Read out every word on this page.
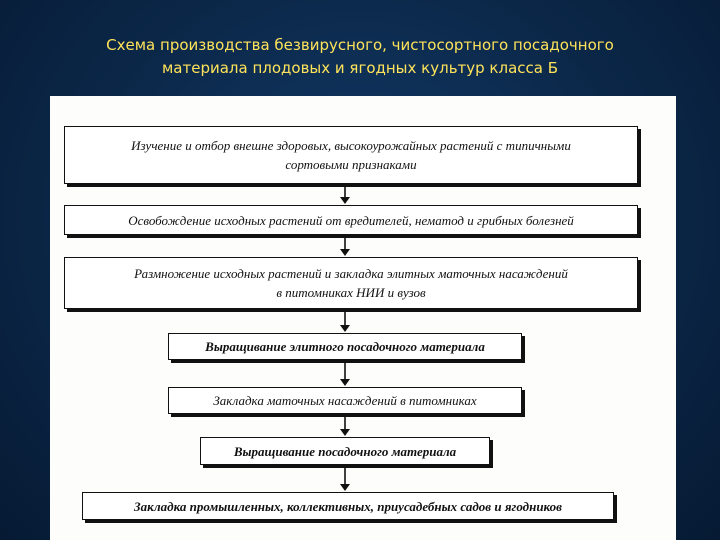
Схема производства безвирусного, чистосортного посадочного
материала плодовых и ягодных культур класса Б
Изучение и отбор внешне здоровых, высокоурожайных растений с типичными
сортовыми признаками
Освобождение исходных растений от вредителей, нематод и грибных болезней
Размножение исходных растений и закладка элитных маточных насаждений
в питомниках НИИ и вузов
Выращивание элитного посадочного материала
Закладка маточных насаждений в питомниках
Выращивание посадочного материала
Закладка промышленных, коллективных, приусадебных садов и ягодников
